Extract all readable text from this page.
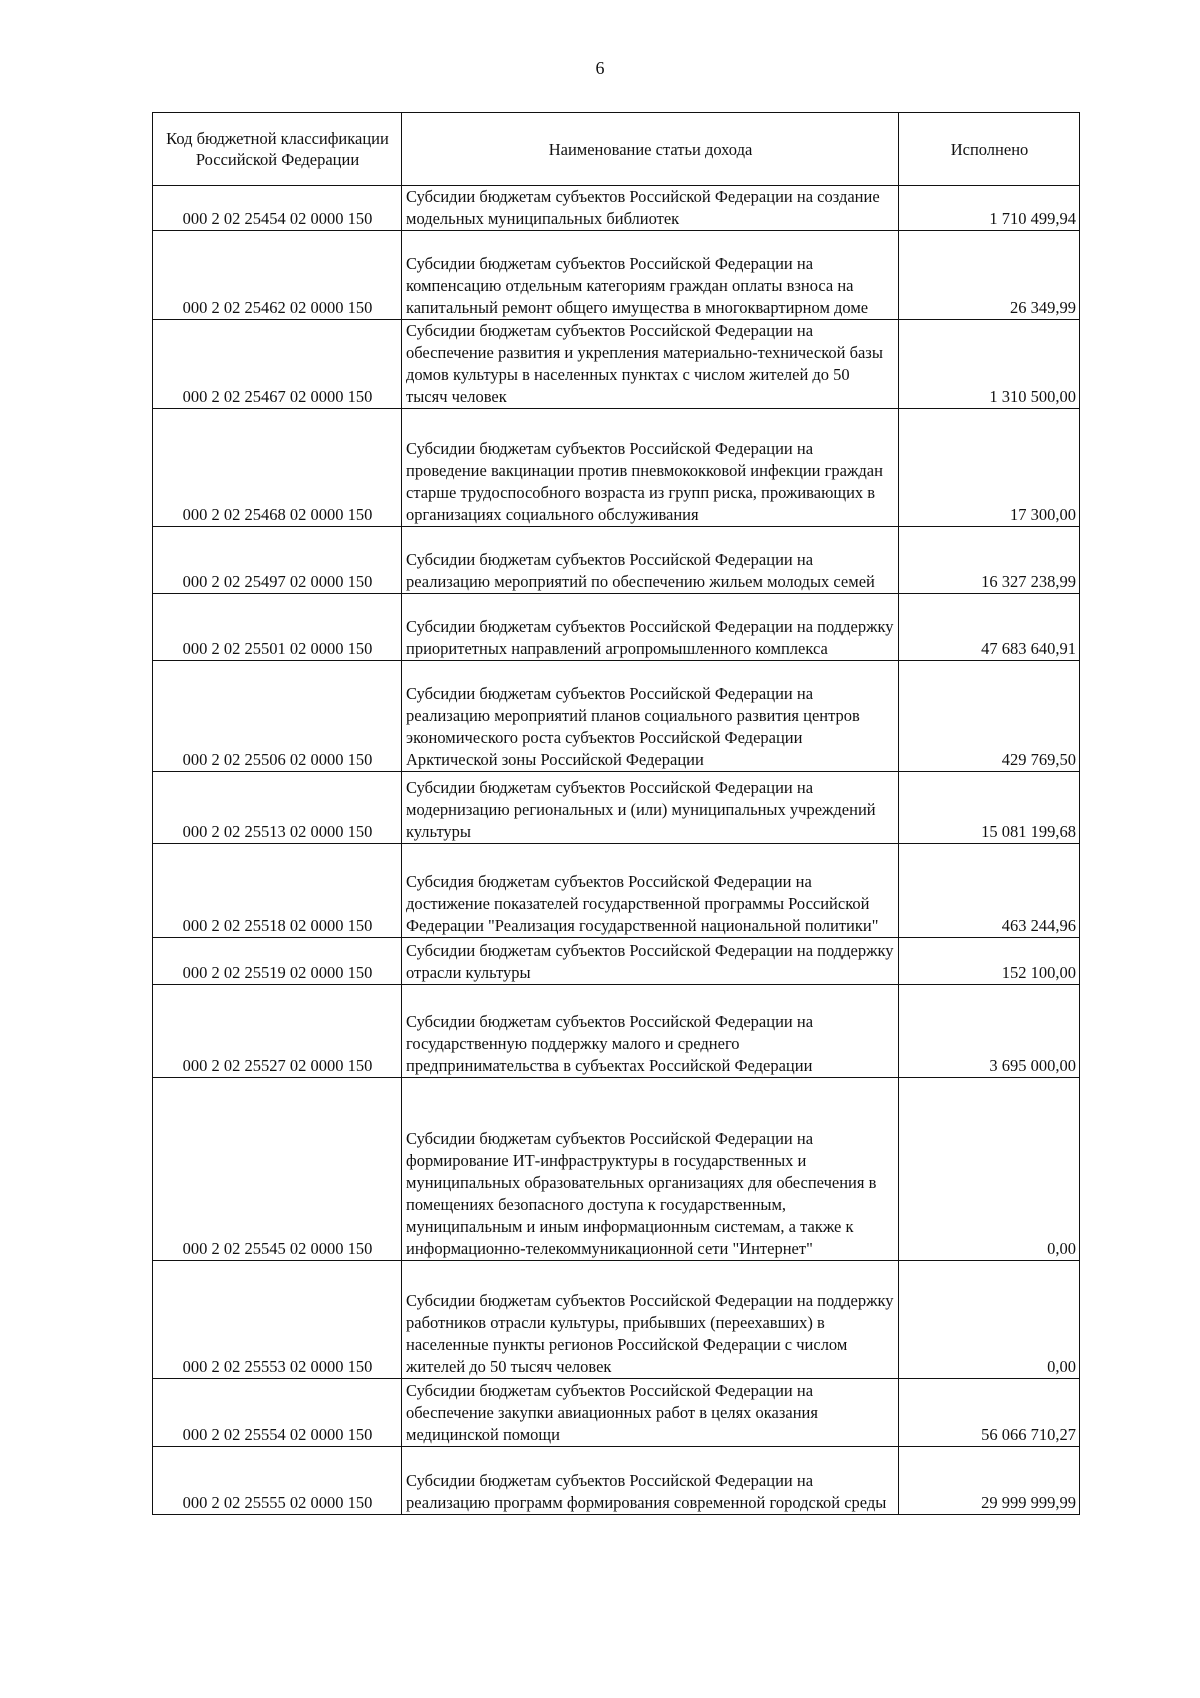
6
Код бюджетной классификации Российской Федерации	Наименование статьи дохода	Исполнено
000 2 02 25454 02 0000 150	Субсидии бюджетам субъектов Российской Федерации на создание модельных муниципальных библиотек	1 710 499,94
000 2 02 25462 02 0000 150	Субсидии бюджетам субъектов Российской Федерации на компенсацию отдельным категориям граждан оплаты взноса на капитальный ремонт общего имущества в многоквартирном доме	26 349,99
000 2 02 25467 02 0000 150	Субсидии бюджетам субъектов Российской Федерации на обеспечение развития и укрепления материально-технической базы домов культуры в населенных пунктах с числом жителей до 50 тысяч человек	1 310 500,00
000 2 02 25468 02 0000 150	Субсидии бюджетам субъектов Российской Федерации на проведение вакцинации против пневмококковой инфекции граждан старше трудоспособного возраста из групп риска, проживающих в организациях социального обслуживания	17 300,00
000 2 02 25497 02 0000 150	Субсидии бюджетам субъектов Российской Федерации на реализацию мероприятий по обеспечению жильем молодых семей	16 327 238,99
000 2 02 25501 02 0000 150	Субсидии бюджетам субъектов Российской Федерации на поддержку приоритетных направлений агропромышленного комплекса	47 683 640,91
000 2 02 25506 02 0000 150	Субсидии бюджетам субъектов Российской Федерации на реализацию мероприятий планов социального развития центров экономического роста субъектов Российской Федерации Арктической зоны Российской Федерации	429 769,50
000 2 02 25513 02 0000 150	Субсидии бюджетам субъектов Российской Федерации на модернизацию региональных и (или) муниципальных учреждений культуры	15 081 199,68
000 2 02 25518 02 0000 150	Субсидия бюджетам субъектов Российской Федерации на достижение показателей государственной программы Российской Федерации "Реализация государственной национальной политики"	463 244,96
000 2 02 25519 02 0000 150	Субсидии бюджетам субъектов Российской Федерации на поддержку отрасли культуры	152 100,00
000 2 02 25527 02 0000 150	Субсидии бюджетам субъектов Российской Федерации на государственную поддержку малого и среднего предпринимательства в субъектах Российской Федерации	3 695 000,00
000 2 02 25545 02 0000 150	Субсидии бюджетам субъектов Российской Федерации на формирование ИТ-инфраструктуры в государственных и муниципальных образовательных организациях для обеспечения в помещениях безопасного доступа к государственным, муниципальным и иным информационным системам, а также к информационно-телекоммуникационной сети "Интернет"	0,00
000 2 02 25553 02 0000 150	Субсидии бюджетам субъектов Российской Федерации на поддержку работников отрасли культуры, прибывших (переехавших) в населенные пункты регионов Российской Федерации с числом жителей до 50 тысяч человек	0,00
000 2 02 25554 02 0000 150	Субсидии бюджетам субъектов Российской Федерации на обеспечение закупки авиационных работ в целях оказания медицинской помощи	56 066 710,27
000 2 02 25555 02 0000 150	Субсидии бюджетам субъектов Российской Федерации на реализацию программ формирования современной городской среды	29 999 999,99
